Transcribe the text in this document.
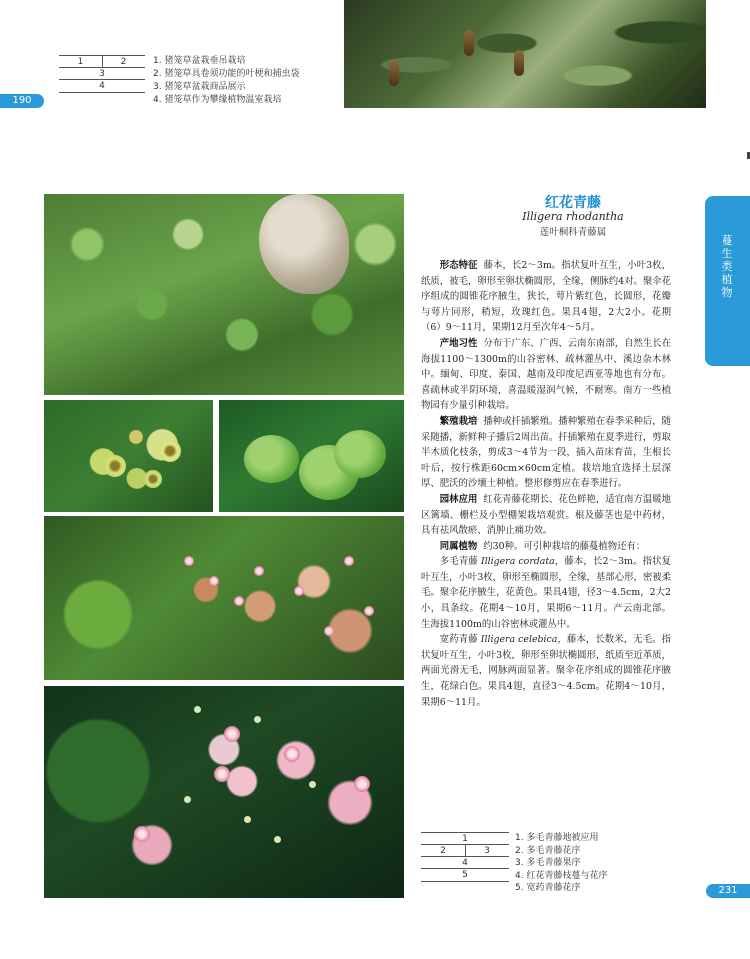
1	2
3
4
1. 猪笼草盆栽垂吊栽培
2. 猪笼草具卷须功能的叶梗和捕虫袋
3. 猪笼草盆栽商品展示
4. 猪笼草作为攀缘植物温室栽培
190
红花青藤
Illigera rhodantha
莲叶桐科青藤属
蔓生类植物

形态特征 藤本，长2～3m。指状复叶互生，小叶3枚，纸质，被毛，卵形至卵状椭圆形，全缘，侧脉约4对。聚伞花序组成的圆锥花序腋生，狭长，萼片紫红色，长圆形，花瓣与萼片同形，稍短，玫瑰红色。果具4翅，2大2小。花期（6）9～11月，果期12月至次年4～5月。

产地习性 分布于广东、广西、云南东南部，自然生长在海拔1100～1300m的山谷密林、疏林灌丛中、溪边杂木林中。缅甸、印度、泰国、越南及印度尼西亚等地也有分布。喜疏林或半阴环境，喜温暖湿润气候，不耐寒。南方一些植物园有少量引种栽培。

繁殖栽培 播种或扦插繁殖。播种繁殖在春季采种后，随采随播，新鲜种子播后2周出苗。扦插繁殖在夏季进行，剪取半木质化枝条，剪成3～4节为一段，插入苗床育苗，生根长叶后，按行株距60cm×60cm定植。栽培地宜选择土层深厚、肥沃的沙壤土种植。整形修剪应在春季进行。

园林应用 红花青藤花期长、花色鲜艳，适宜南方温暖地区篱墙、栅栏及小型棚架栽培观赏。根及藤茎也是中药材，具有祛风散瘀、消肿止痛功效。

同属植物 约30种。可引种栽培的藤蔓植物还有：

多毛青藤 Illigera cordata，藤本，长2～3m。指状复叶互生，小叶3枚，卵形至椭圆形，全缘，基部心形，密被柔毛。聚伞花序腋生，花黄色。果具4翅，径3～4.5cm，2大2小，具条纹。花期4～10月，果期6～11月。产云南北部。生海拔1100m的山谷密林或灌丛中。

宽药青藤 Illigera celebica，藤本，长数米，无毛。指状复叶互生，小叶3枚，卵形至卵状椭圆形，纸质至近革质，两面光滑无毛，网脉两面显著。聚伞花序组成的圆锥花序腋生，花绿白色。果具4翅，直径3～4.5cm。花期4～10月，果期6～11月。

1
2	3
4
5
1. 多毛青藤地被应用
2. 多毛青藤花序
3. 多毛青藤果序
4. 红花青藤枝蔓与花序
5. 宽药青藤花序	231
